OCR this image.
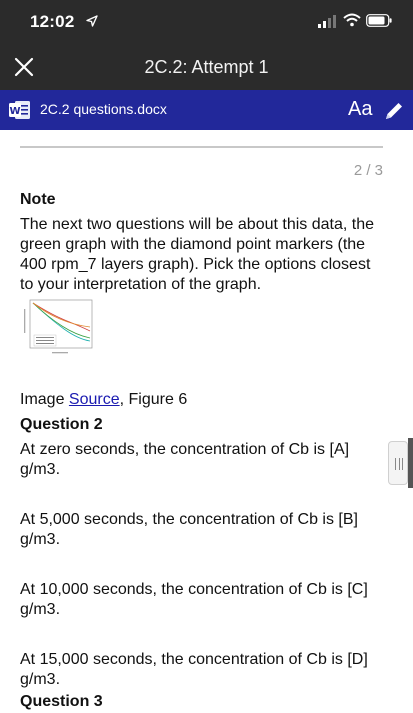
12:02
2C.2: Attempt 1
W 2C.2 questions.docx	Aa
2 / 3
Note
The next two questions will be about this data, the
green graph with the diamond point markers (the
400 rpm_7 layers graph). Pick the options closest
to your interpretation of the graph.
Image Source, Figure 6
Question 2
At zero seconds, the concentration of Cb is [A]
g/m3.
At 5,000 seconds, the concentration of Cb is [B]
g/m3.
At 10,000 seconds, the concentration of Cb is [C]
g/m3.
At 15,000 seconds, the concentration of Cb is [D]
g/m3.
Question 3
